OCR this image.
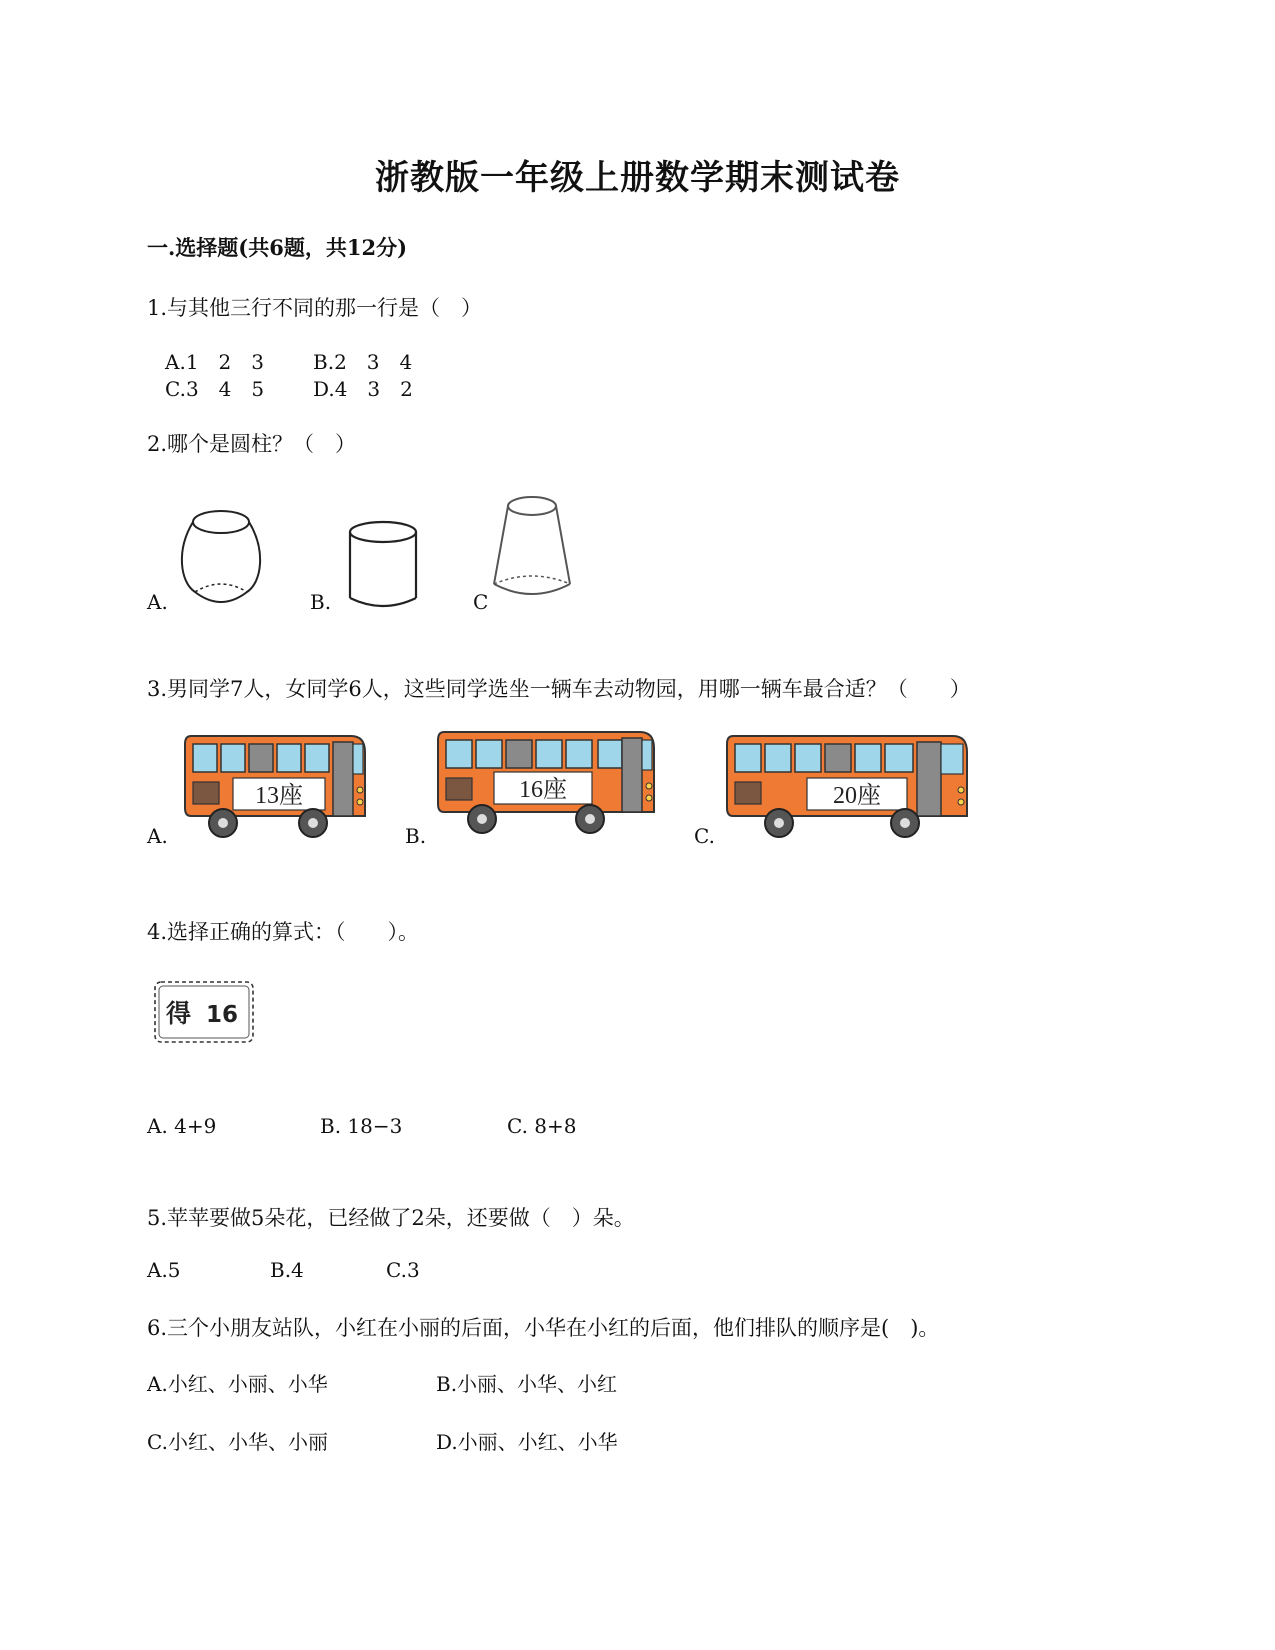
浙教版一年级上册数学期末测试卷
一.选择题(共6题，共12分)
1.与其他三行不同的那一行是（　）
A.1　2　3 B.2　3　4
C.3　4　5 D.4　3　2
2.哪个是圆柱？（　）
A.	B.	C
3.男同学7人，女同学6人，这些同学选坐一辆车去动物园，用哪一辆车最合适？（　　）
13座
A.
16座
B.
20座
C.
4.选择正确的算式：（　　）。
得 16
A. 4+9	B. 18−3	C. 8+8
5.苹苹要做5朵花，已经做了2朵，还要做（　）朵。
A.5	B.4	C.3
6.三个小朋友站队，小红在小丽的后面，小华在小红的后面，他们排队的顺序是(　)。
A.小红、小丽、小华	B.小丽、小华、小红
C.小红、小华、小丽	D.小丽、小红、小华
